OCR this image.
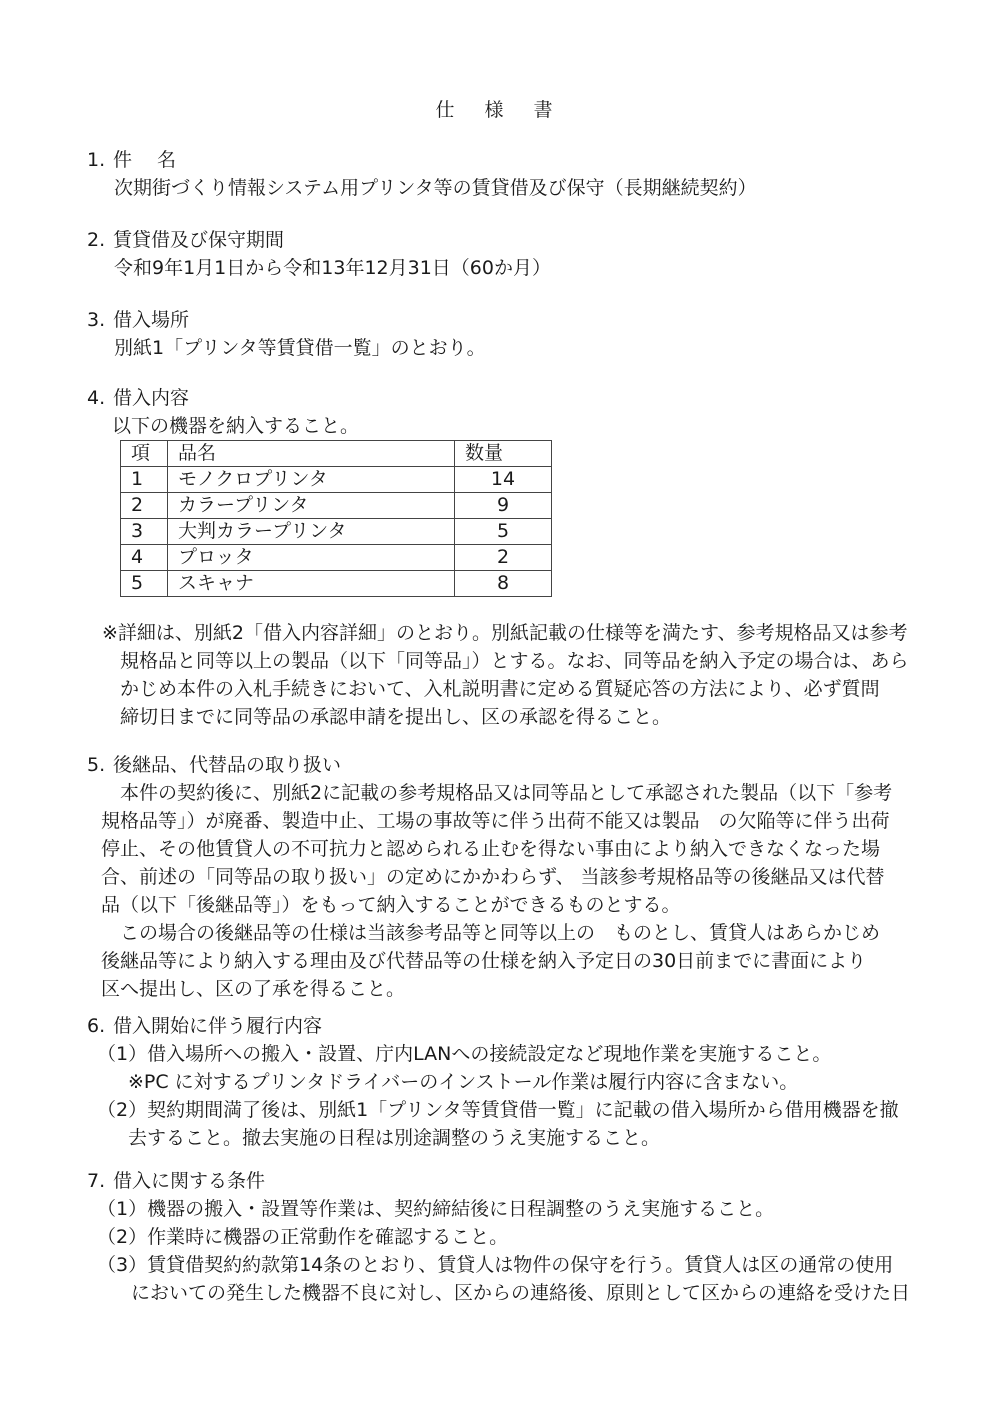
仕 様 書
1. 件　 名
次期街づくり情報システム用プリンタ等の賃貸借及び保守（長期継続契約）
2. 賃貸借及び保守期間
令和9年1月1日から令和13年12月31日（60か月）
3. 借入場所
別紙1「プリンタ等賃貸借一覧」のとおり。
4. 借入内容
以下の機器を納入すること。
項	品名	数量
1	モノクロプリンタ	14
2	カラープリンタ	9
3	大判カラープリンタ	5
4	プロッタ	2
5	スキャナ	8
※詳細は、別紙2「借入内容詳細」のとおり。別紙記載の仕様等を満たす、参考規格品又は参考
規格品と同等以上の製品（以下「同等品」）とする。なお、同等品を納入予定の場合は、あら
かじめ本件の入札手続きにおいて、入札説明書に定める質疑応答の方法により、必ず質問
締切日までに同等品の承認申請を提出し、区の承認を得ること。
5. 後継品、代替品の取り扱い
　本件の契約後に、別紙2に記載の参考規格品又は同等品として承認された製品（以下「参考
規格品等」）が廃番、製造中止、工場の事故等に伴う出荷不能又は製品　の欠陥等に伴う出荷
停止、その他賃貸人の不可抗力と認められる止むを得ない事由により納入できなくなった場
合、前述の「同等品の取り扱い」の定めにかかわらず、 当該参考規格品等の後継品又は代替
品（以下「後継品等」）をもって納入することができるものとする。
　この場合の後継品等の仕様は当該参考品等と同等以上の　ものとし、賃貸人はあらかじめ
後継品等により納入する理由及び代替品等の仕様を納入予定日の30日前までに書面により
区へ提出し、区の了承を得ること。
6. 借入開始に伴う履行内容
（1）借入場所への搬入・設置、庁内LANへの接続設定など現地作業を実施すること。
　※PC に対するプリンタドライバーのインストール作業は履行内容に含まない。
（2）契約期間満了後は、別紙1「プリンタ等賃貸借一覧」に記載の借入場所から借用機器を撤
　去すること。撤去実施の日程は別途調整のうえ実施すること。
7. 借入に関する条件
（1）機器の搬入・設置等作業は、契約締結後に日程調整のうえ実施すること。
（2）作業時に機器の正常動作を確認すること。
（3）賃貸借契約約款第14条のとおり、賃貸人は物件の保守を行う。賃貸人は区の通常の使用
においての発生した機器不良に対し、区からの連絡後、原則として区からの連絡を受けた日
